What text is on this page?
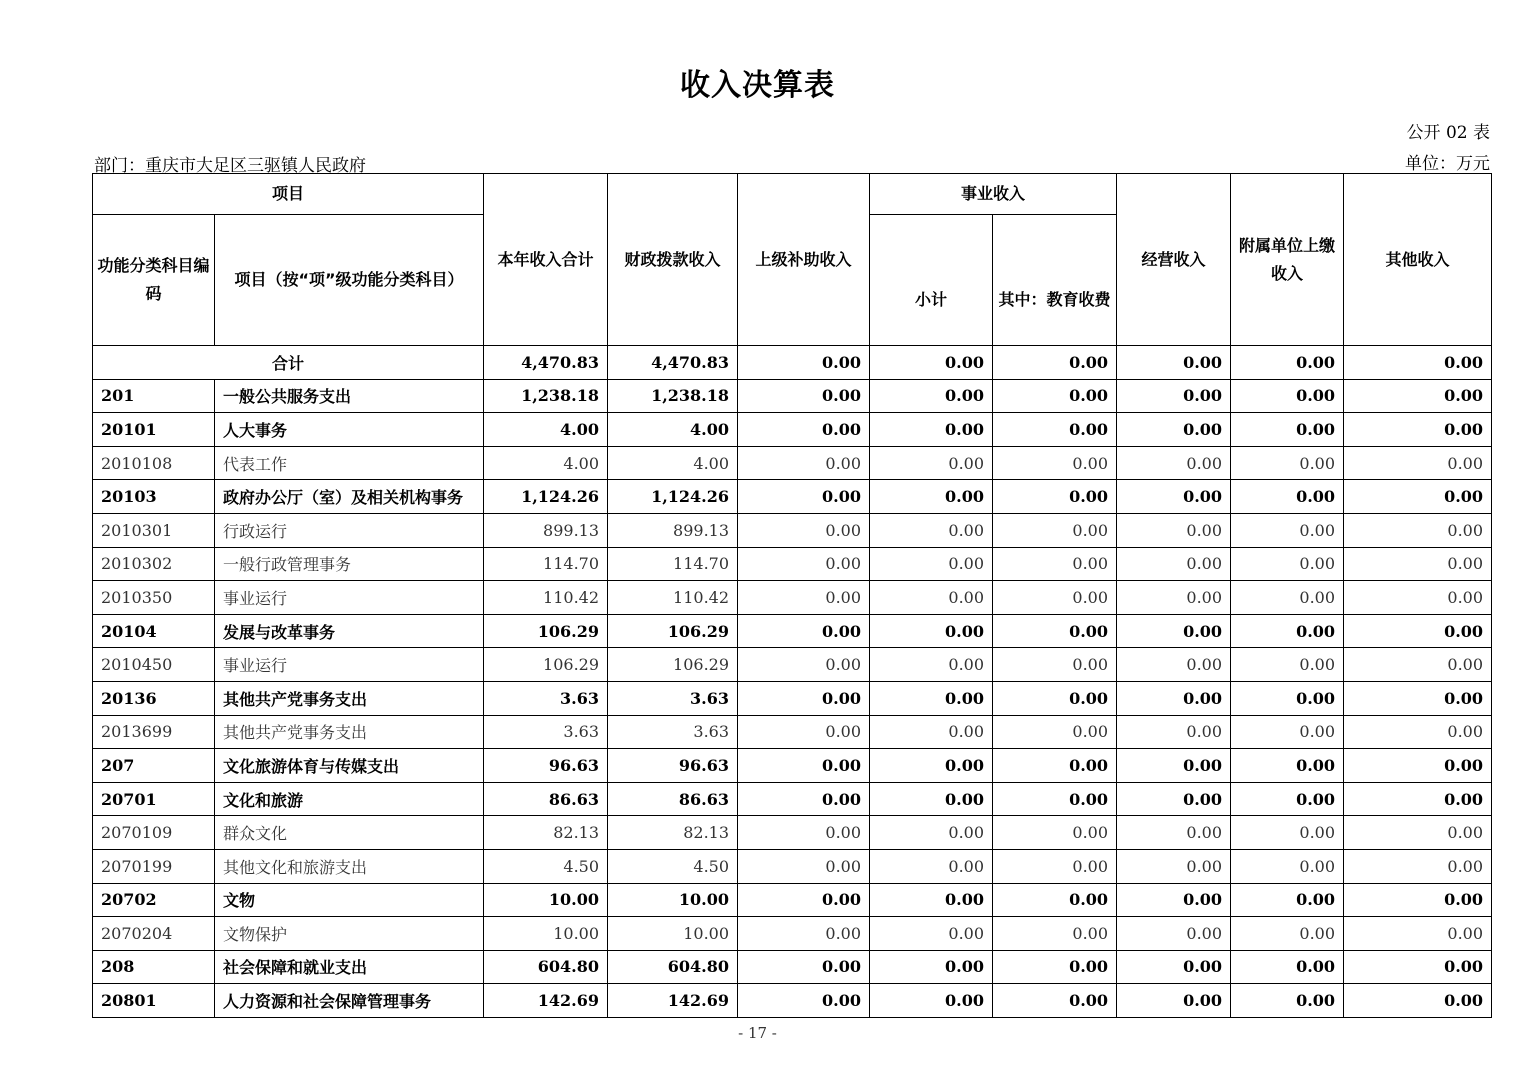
收入决算表
公开 02 表
部门：重庆市大足区三驱镇人民政府	单位：万元
项目		本年收入合计	财政拨款收入	上级补助收入	事业收入		经营收入	附属单位上缴收入	其他收入
功能分类科目编码	项目（按“项”级功能分类科目）				小计	其中：教育收费			
合计		4,470.83	4,470.83	0.00	0.00	0.00	0.00	0.00	0.00
201	一般公共服务支出	1,238.18	1,238.18	0.00	0.00	0.00	0.00	0.00	0.00
20101	人大事务	4.00	4.00	0.00	0.00	0.00	0.00	0.00	0.00
2010108	代表工作	4.00	4.00	0.00	0.00	0.00	0.00	0.00	0.00
20103	政府办公厅（室）及相关机构事务	1,124.26	1,124.26	0.00	0.00	0.00	0.00	0.00	0.00
2010301	行政运行	899.13	899.13	0.00	0.00	0.00	0.00	0.00	0.00
2010302	一般行政管理事务	114.70	114.70	0.00	0.00	0.00	0.00	0.00	0.00
2010350	事业运行	110.42	110.42	0.00	0.00	0.00	0.00	0.00	0.00
20104	发展与改革事务	106.29	106.29	0.00	0.00	0.00	0.00	0.00	0.00
2010450	事业运行	106.29	106.29	0.00	0.00	0.00	0.00	0.00	0.00
20136	其他共产党事务支出	3.63	3.63	0.00	0.00	0.00	0.00	0.00	0.00
2013699	其他共产党事务支出	3.63	3.63	0.00	0.00	0.00	0.00	0.00	0.00
207	文化旅游体育与传媒支出	96.63	96.63	0.00	0.00	0.00	0.00	0.00	0.00
20701	文化和旅游	86.63	86.63	0.00	0.00	0.00	0.00	0.00	0.00
2070109	群众文化	82.13	82.13	0.00	0.00	0.00	0.00	0.00	0.00
2070199	其他文化和旅游支出	4.50	4.50	0.00	0.00	0.00	0.00	0.00	0.00
20702	文物	10.00	10.00	0.00	0.00	0.00	0.00	0.00	0.00
2070204	文物保护	10.00	10.00	0.00	0.00	0.00	0.00	0.00	0.00
208	社会保障和就业支出	604.80	604.80	0.00	0.00	0.00	0.00	0.00	0.00
20801	人力资源和社会保障管理事务	142.69	142.69	0.00	0.00	0.00	0.00	0.00	0.00
- 17 -
